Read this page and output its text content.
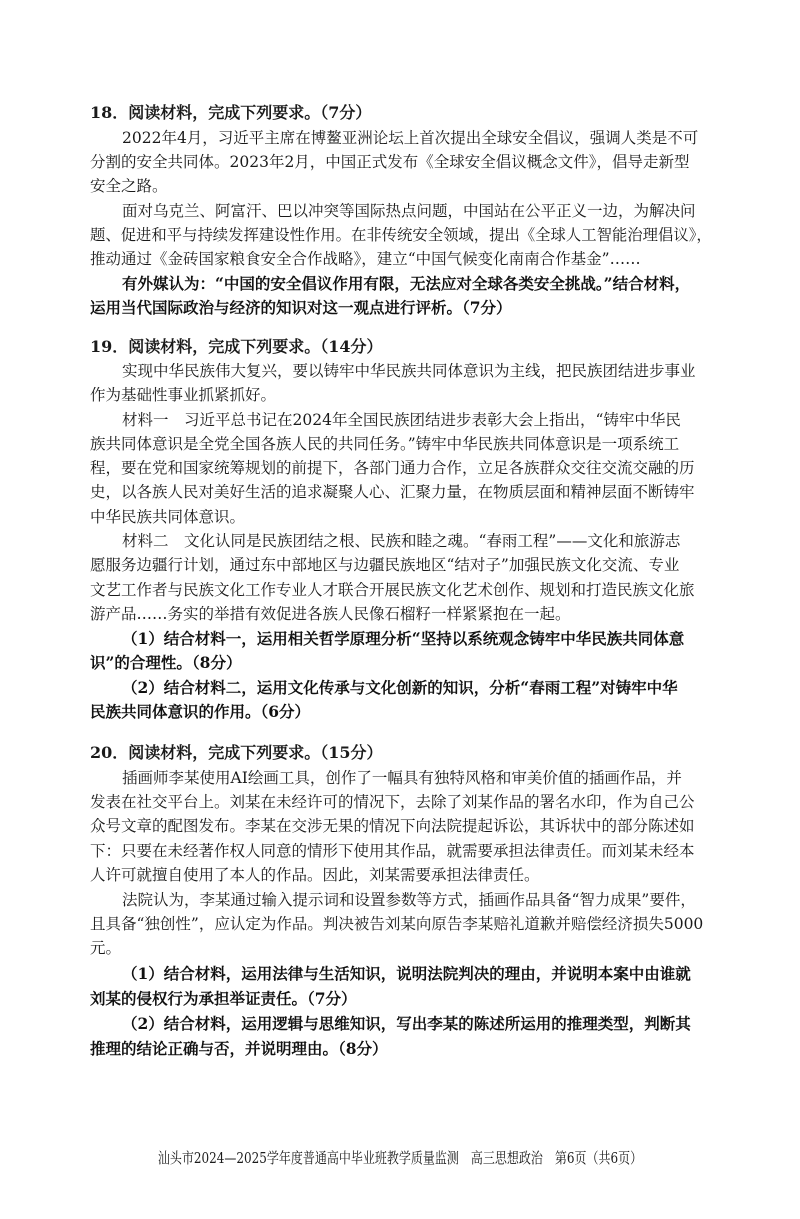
18．阅读材料，完成下列要求。（7分）
2022年4月，习近平主席在博鳌亚洲论坛上首次提出全球安全倡议，强调人类是不可
分割的安全共同体。2023年2月，中国正式发布《全球安全倡议概念文件》，倡导走新型
安全之路。
面对乌克兰、阿富汗、巴以冲突等国际热点问题，中国站在公平正义一边，为解决问
题、促进和平与持续发挥建设性作用。在非传统安全领域，提出《全球人工智能治理倡议》，
推动通过《金砖国家粮食安全合作战略》，建立“中国气候变化南南合作基金”……
有外媒认为：“中国的安全倡议作用有限，无法应对全球各类安全挑战。”结合材料，
运用当代国际政治与经济的知识对这一观点进行评析。（7分）
19．阅读材料，完成下列要求。（14分）
实现中华民族伟大复兴，要以铸牢中华民族共同体意识为主线，把民族团结进步事业
作为基础性事业抓紧抓好。
材料一　习近平总书记在2024年全国民族团结进步表彰大会上指出，“铸牢中华民
族共同体意识是全党全国各族人民的共同任务。”铸牢中华民族共同体意识是一项系统工
程，要在党和国家统筹规划的前提下，各部门通力合作，立足各族群众交往交流交融的历
史，以各族人民对美好生活的追求凝聚人心、汇聚力量，在物质层面和精神层面不断铸牢
中华民族共同体意识。
材料二　文化认同是民族团结之根、民族和睦之魂。“春雨工程”——文化和旅游志
愿服务边疆行计划，通过东中部地区与边疆民族地区“结对子”加强民族文化交流、专业
文艺工作者与民族文化工作专业人才联合开展民族文化艺术创作、规划和打造民族文化旅
游产品……务实的举措有效促进各族人民像石榴籽一样紧紧抱在一起。
（1）结合材料一，运用相关哲学原理分析“坚持以系统观念铸牢中华民族共同体意
识”的合理性。（8分）
（2）结合材料二，运用文化传承与文化创新的知识，分析“春雨工程”对铸牢中华
民族共同体意识的作用。（6分）
20．阅读材料，完成下列要求。（15分）
插画师李某使用AI绘画工具，创作了一幅具有独特风格和审美价值的插画作品，并
发表在社交平台上。刘某在未经许可的情况下，去除了刘某作品的署名水印，作为自己公
众号文章的配图发布。李某在交涉无果的情况下向法院提起诉讼，其诉状中的部分陈述如
下：只要在未经著作权人同意的情形下使用其作品，就需要承担法律责任。而刘某未经本
人许可就擅自使用了本人的作品。因此，刘某需要承担法律责任。
法院认为，李某通过输入提示词和设置参数等方式，插画作品具备“智力成果”要件，
且具备“独创性”，应认定为作品。判决被告刘某向原告李某赔礼道歉并赔偿经济损失5000
元。
（1）结合材料，运用法律与生活知识，说明法院判决的理由，并说明本案中由谁就
刘某的侵权行为承担举证责任。（7分）
（2）结合材料，运用逻辑与思维知识，写出李某的陈述所运用的推理类型，判断其
推理的结论正确与否，并说明理由。（8分）
汕头市2024—2025学年度普通高中毕业班教学质量监测　高三思想政治　第6页（共6页）
